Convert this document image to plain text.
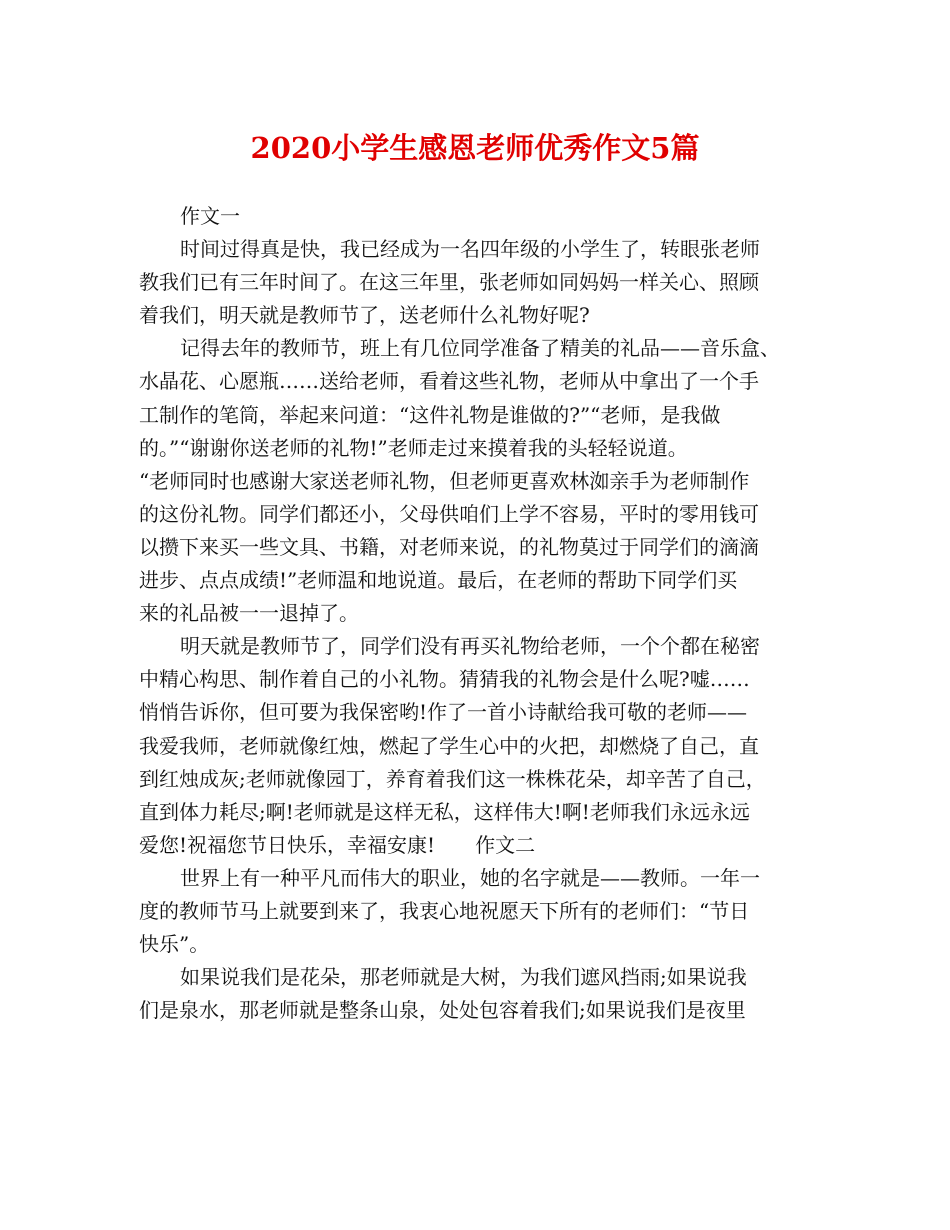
2020小学生感恩老师优秀作文5篇
作文一
时间过得真是快，我已经成为一名四年级的小学生了，转眼张老师
教我们已有三年时间了。在这三年里，张老师如同妈妈一样关心、照顾
着我们，明天就是教师节了，送老师什么礼物好呢?
记得去年的教师节，班上有几位同学准备了精美的礼品——音乐盒、
水晶花、心愿瓶……送给老师，看着这些礼物，老师从中拿出了一个手
工制作的笔筒，举起来问道：“这件礼物是谁做的?”“老师，是我做
的。”“谢谢你送老师的礼物!”老师走过来摸着我的头轻轻说道。
“老师同时也感谢大家送老师礼物，但老师更喜欢林洳亲手为老师制作
的这份礼物。同学们都还小，父母供咱们上学不容易，平时的零用钱可
以攒下来买一些文具、书籍，对老师来说，的礼物莫过于同学们的滴滴
进步、点点成绩!”老师温和地说道。最后，在老师的帮助下同学们买
来的礼品被一一退掉了。
明天就是教师节了，同学们没有再买礼物给老师，一个个都在秘密
中精心构思、制作着自己的小礼物。猜猜我的礼物会是什么呢?嘘……
悄悄告诉你，但可要为我保密哟!作了一首小诗献给我可敬的老师——
我爱我师，老师就像红烛，燃起了学生心中的火把，却燃烧了自己，直
到红烛成灰;老师就像园丁，养育着我们这一株株花朵，却辛苦了自己，
直到体力耗尽;啊!老师就是这样无私，这样伟大!啊!老师我们永远永远
爱您!祝福您节日快乐，幸福安康!　　作文二
世界上有一种平凡而伟大的职业，她的名字就是——教师。一年一
度的教师节马上就要到来了，我衷心地祝愿天下所有的老师们：“节日
快乐”。
如果说我们是花朵，那老师就是大树，为我们遮风挡雨;如果说我
们是泉水，那老师就是整条山泉，处处包容着我们;如果说我们是夜里
